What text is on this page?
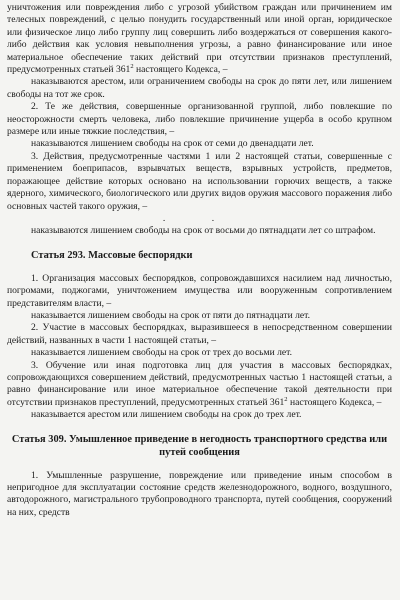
уничтожения или повреждения либо с угрозой убийством граждан или причинением им телесных повреждений, с целью понудить государственный или иной орган, юридическое или физическое лицо либо группу лиц совершить либо воздержаться от совершения какого-либо действия как условия невыполнения угрозы, а равно финансирование или иное материальное обеспечение таких действий при отсутствии признаков преступлений, предусмотренных статьей $361^2$ настоящего Кодекса, –

наказываются арестом, или ограничением свободы на срок до пяти лет, или лишением свободы на тот же срок.

2. Те же действия, совершенные организованной группой, либо повлекшие по неосторожности смерть человека, либо повлекшие причинение ущерба в особо крупном размере или иные тяжкие последствия, –

наказываются лишением свободы на срок от семи до двенадцати лет.

3. Действия, предусмотренные частями 1 или 2 настоящей статьи, совершенные с применением боеприпасов, взрывчатых веществ, взрывных устройств, предметов, поражающее действие которых основано на использовании горючих веществ, а также ядерного, химического, биологического или других видов оружия массового поражения либо основных частей такого оружия, –

. .

наказываются лишением свободы на срок от восьми до пятнадцати лет со штрафом.

Статья 293. Массовые беспорядки

1. Организация массовых беспорядков, сопровождавшихся насилием над личностью, погромами, поджогами, уничтожением имущества или вооруженным сопротивлением представителям власти, –

наказывается лишением свободы на срок от пяти до пятнадцати лет.

2. Участие в массовых беспорядках, выразившееся в непосредственном совершении действий, названных в части 1 настоящей статьи, –

наказывается лишением свободы на срок от трех до восьми лет.

3. Обучение или иная подготовка лиц для участия в массовых беспорядках, сопровождающихся совершением действий, предусмотренных частью 1 настоящей статьи, а равно финансирование или иное материальное обеспечение такой деятельности при отсутствии признаков преступлений, предусмотренных статьей $361^2$ настоящего Кодекса, –

наказывается арестом или лишением свободы на срок до трех лет.

Статья 309. Умышленное приведение в негодность транспортного средства или путей сообщения

1. Умышленные разрушение, повреждение или приведение иным способом в непригодное для эксплуатации состояние средств железнодорожного, водного, воздушного, автодорожного, магистрального трубопроводного транспорта, путей сообщения, сооружений на них, средств
